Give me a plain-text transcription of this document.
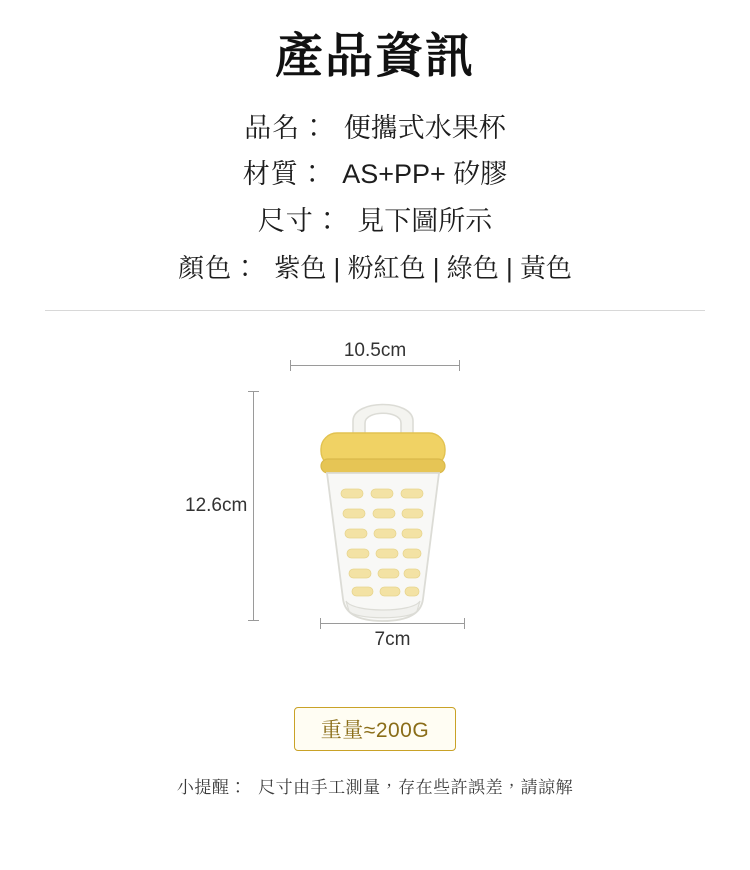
產品資訊
品名： 便攜式水果杯
材質： AS+PP+ 矽膠
尺寸： 見下圖所示
顏色： 紫色 | 粉紅色 | 綠色 | 黃色
10.5cm
12.6cm
7cm
重量≈200G
小提醒： 尺寸由手工測量，存在些許誤差，請諒解
